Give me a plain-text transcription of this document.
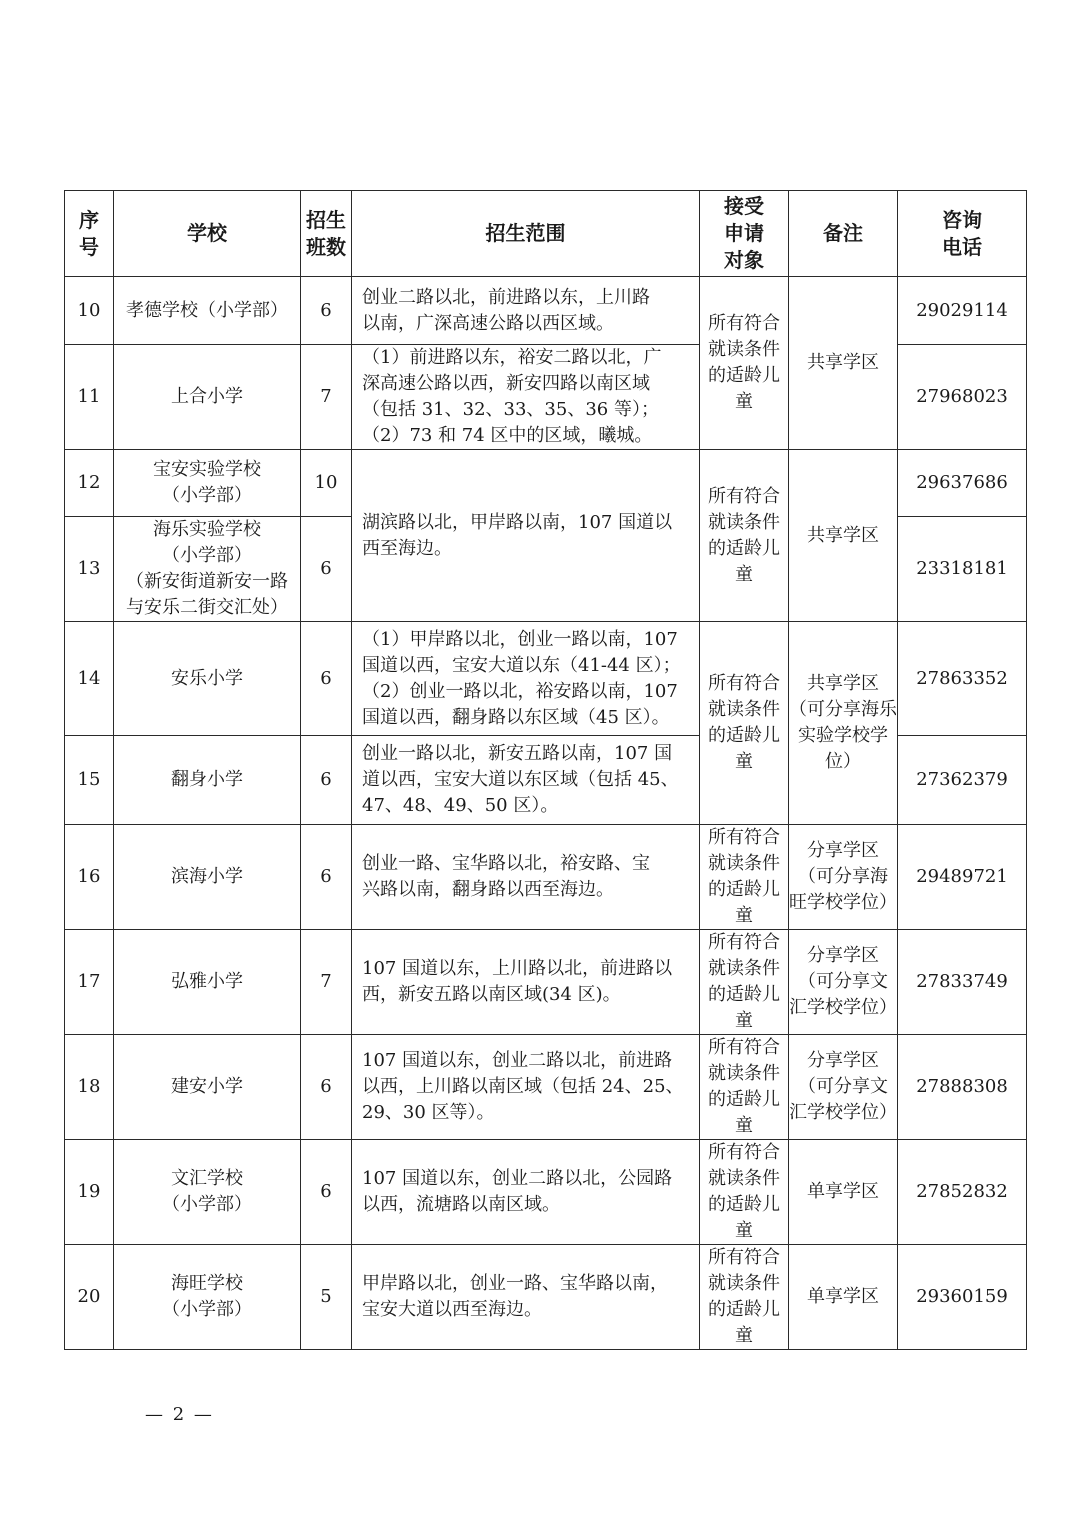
序
号	学校	招生
班数	招生范围	接受
申请
对象	备注	咨询
电话
10	孝德学校（小学部）	6	创业二路以北，前进路以东，上川路
以南，广深高速公路以西区域。	所有符合
就读条件
的适龄儿
童	共享学区	29029114
11	上合小学	7	（1）前进路以东，裕安二路以北，广
深高速公路以西，新安四路以南区域
（包括 31、32、33、35、36 等）；
（2）73 和 74 区中的区域，曦城。			27968023
12	宝安实验学校
（小学部）	10	湖滨路以北，甲岸路以南，107 国道以
西至海边。	所有符合
就读条件
的适龄儿
童	共享学区	29637686
13	海乐实验学校
（小学部）
（新安街道新安一路
与安乐二街交汇处）	6				23318181
14	安乐小学	6	（1）甲岸路以北，创业一路以南，107
国道以西，宝安大道以东（41-44 区）；
（2）创业一路以北，裕安路以南，107
国道以西，翻身路以东区域（45 区）。	所有符合
就读条件
的适龄儿
童	共享学区
（可分享海乐
实验学校学
位）	27863352
15	翻身小学	6	创业一路以北，新安五路以南，107 国
道以西，宝安大道以东区域（包括 45、
47、48、49、50 区）。			27362379
16	滨海小学	6	创业一路、宝华路以北，裕安路、宝
兴路以南，翻身路以西至海边。	所有符合
就读条件
的适龄儿
童	分享学区
（可分享海
旺学校学位）	29489721
17	弘雅小学	7	107 国道以东，上川路以北，前进路以
西，新安五路以南区域(34 区)。	所有符合
就读条件
的适龄儿
童	分享学区
（可分享文
汇学校学位）	27833749
18	建安小学	6	107 国道以东，创业二路以北，前进路
以西，上川路以南区域（包括 24、25、
29、30 区等）。	所有符合
就读条件
的适龄儿
童	分享学区
（可分享文
汇学校学位）	27888308
19	文汇学校
（小学部）	6	107 国道以东，创业二路以北，公园路
以西，流塘路以南区域。	所有符合
就读条件
的适龄儿
童	单享学区	27852832
20	海旺学校
（小学部）	5	甲岸路以北，创业一路、宝华路以南，
宝安大道以西至海边。	所有符合
就读条件
的适龄儿
童	单享学区	29360159
— 2 —
